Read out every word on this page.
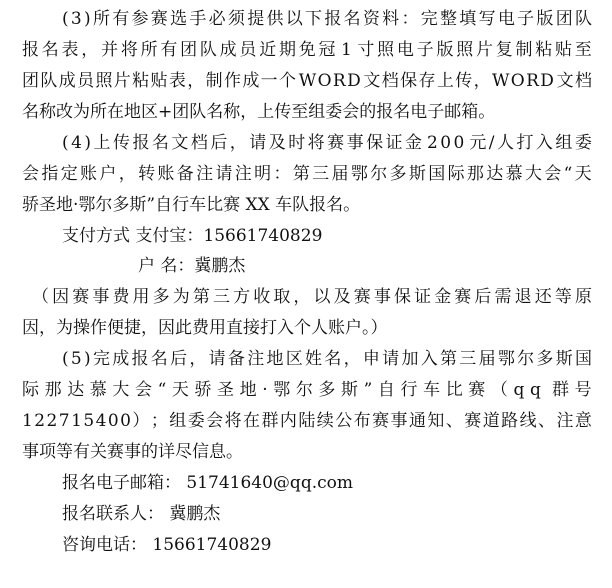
( 3 ) 所 有 参 赛 选 手 必 须 提 供 以 下 报 名 资 料 ： 完 整 填 写 电 子 版 团 队
报 名 表 ， 并 将 所 有 团 队 成 员 近 期 免 冠 1 寸 照 电 子 版 照 片 复 制 粘 贴 至
团 队 成 员 照 片 粘 贴 表 ， 制 作 成 一 个 W O R D 文 档 保 存 上 传 ， W O R D 文 档
名称改为所在地区+团队名称，上传至组委会的报名电子邮箱。
( 4 ) 上 传 报 名 文 档 后 ， 请 及 时 将 赛 事 保 证 金 2 0 0 元 / 人 打 入 组 委
会 指 定 账 户 ， 转 账 备 注 请 注 明 ： 第 三 届 鄂 尔 多 斯 国 际 那 达 慕 大 会 “ 天
骄圣地·鄂尔多斯”自行车比赛 XX 车队报名。
支付方式 支付宝：15661740829
户 名：冀鹏杰
（ 因 赛 事 费 用 多 为 第 三 方 收 取 ， 以 及 赛 事 保 证 金 赛 后 需 退 还 等 原
因，为操作便捷，因此费用直接打入个人账户。）
( 5 ) 完 成 报 名 后 ， 请 备 注 地 区 姓 名 ， 申 请 加 入 第 三 届 鄂 尔 多 斯 国
际 那 达 慕 大 会 “ 天 骄 圣 地 · 鄂 尔 多 斯 ” 自 行 车 比 赛 （ q q 群 号
1 2 2 7 1 5 4 0 0 ） ； 组 委 会 将 在 群 内 陆 续 公 布 赛 事 通 知 、 赛 道 路 线 、 注 意
事项等有关赛事的详尽信息。
报名电子邮箱： 51741640@qq.com
报名联系人： 冀鹏杰
咨询电话： 15661740829
